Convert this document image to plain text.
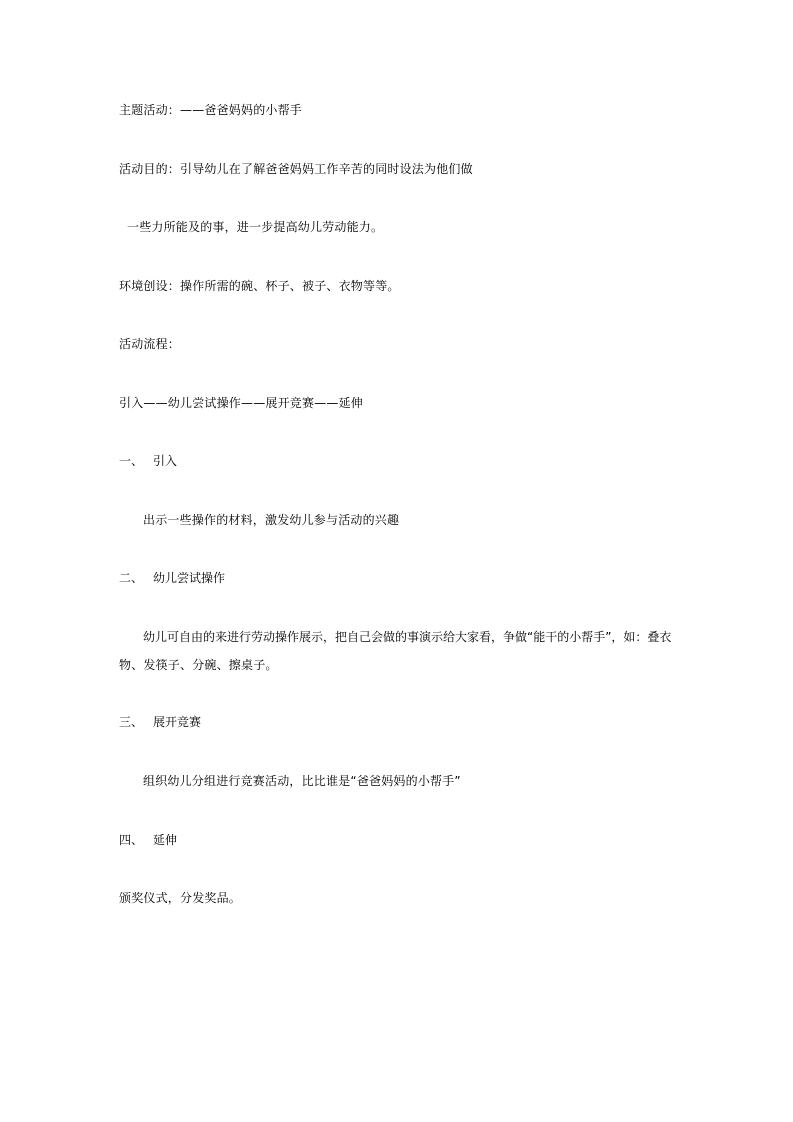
主题活动：——爸爸妈妈的小帮手
活动目的：引导幼儿在了解爸爸妈妈工作辛苦的同时设法为他们做
一些力所能及的事，进一步提高幼儿劳动能力。
环境创设：操作所需的碗、杯子、被子、衣物等等。
活动流程：
引入——幼儿尝试操作——展开竞赛——延伸
一、 引入
出示一些操作的材料，激发幼儿参与活动的兴趣
二、 幼儿尝试操作
幼儿可自由的来进行劳动操作展示，把自己会做的事演示给大家看，争做“能干的小帮手”，如：叠衣
物、发筷子、分碗、擦桌子。
三、 展开竞赛
组织幼儿分组进行竞赛活动，比比谁是“爸爸妈妈的小帮手”
四、 延伸
颁奖仪式，分发奖品。
